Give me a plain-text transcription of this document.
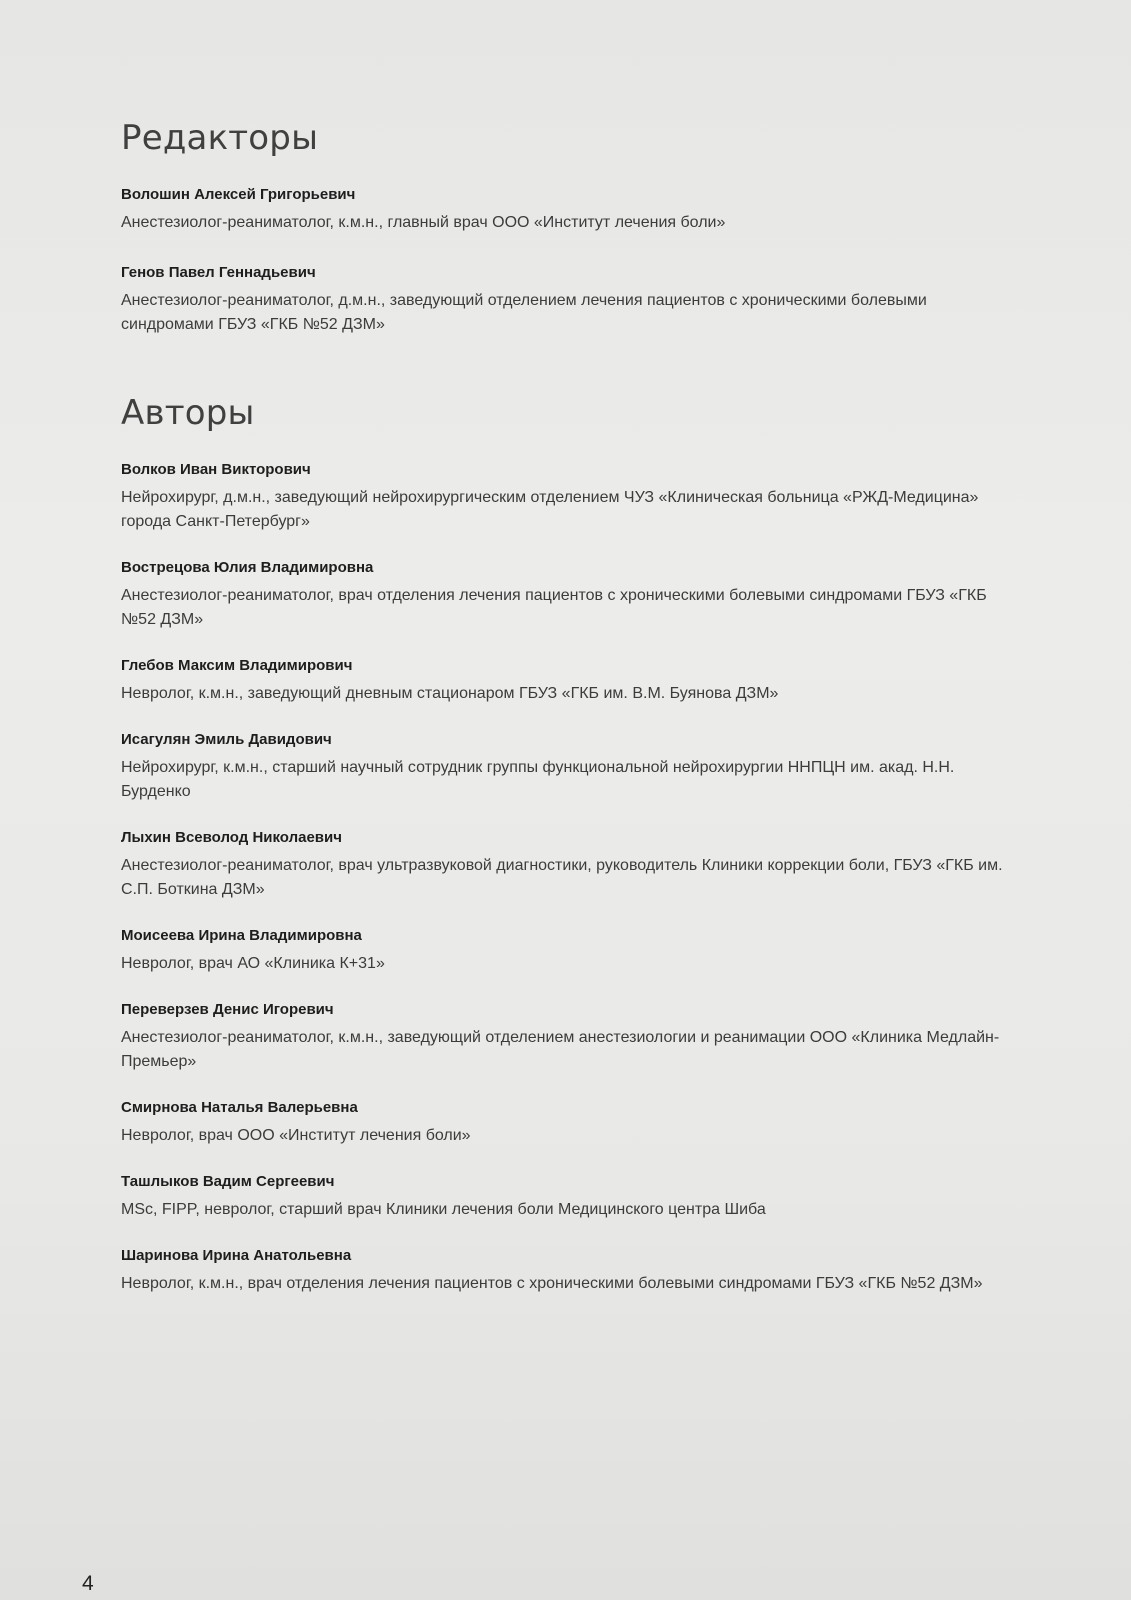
Редакторы
Волошин Алексей Григорьевич
Анестезиолог-реаниматолог, к.м.н., главный врач ООО «Институт лечения боли»
Генов Павел Геннадьевич
Анестезиолог-реаниматолог, д.м.н., заведующий отделением лечения пациентов с хроническими болевыми синдромами ГБУЗ «ГКБ №52 ДЗМ»
Авторы
Волков Иван Викторович
Нейрохирург, д.м.н., заведующий нейрохирургическим отделением ЧУЗ «Клиническая больница «РЖД-Медицина» города Санкт-Петербург»
Вострецова Юлия Владимировна
Анестезиолог-реаниматолог, врач отделения лечения пациентов с хроническими болевыми синдромами ГБУЗ «ГКБ №52 ДЗМ»
Глебов Максим Владимирович
Невролог, к.м.н., заведующий дневным стационаром ГБУЗ «ГКБ им. В.М. Буянова ДЗМ»
Исагулян Эмиль Давидович
Нейрохирург, к.м.н., старший научный сотрудник группы функциональной нейрохирургии ННПЦН им. акад. Н.Н. Бурденко
Лыхин Всеволод Николаевич
Анестезиолог-реаниматолог, врач ультразвуковой диагностики, руководитель Клиники коррекции боли, ГБУЗ «ГКБ им. С.П. Боткина ДЗМ»
Моисеева Ирина Владимировна
Невролог, врач АО «Клиника К+31»
Переверзев Денис Игоревич
Анестезиолог-реаниматолог, к.м.н., заведующий отделением анестезиологии и реанимации ООО «Клиника Медлайн-Премьер»
Смирнова Наталья Валерьевна
Невролог, врач ООО «Институт лечения боли»
Ташлыков Вадим Сергеевич
MSc, FIPP, невролог, старший врач Клиники лечения боли Медицинского центра Шиба
Шаринова Ирина Анатольевна
Невролог, к.м.н., врач отделения лечения пациентов с хроническими болевыми синдромами ГБУЗ «ГКБ №52 ДЗМ»
4
